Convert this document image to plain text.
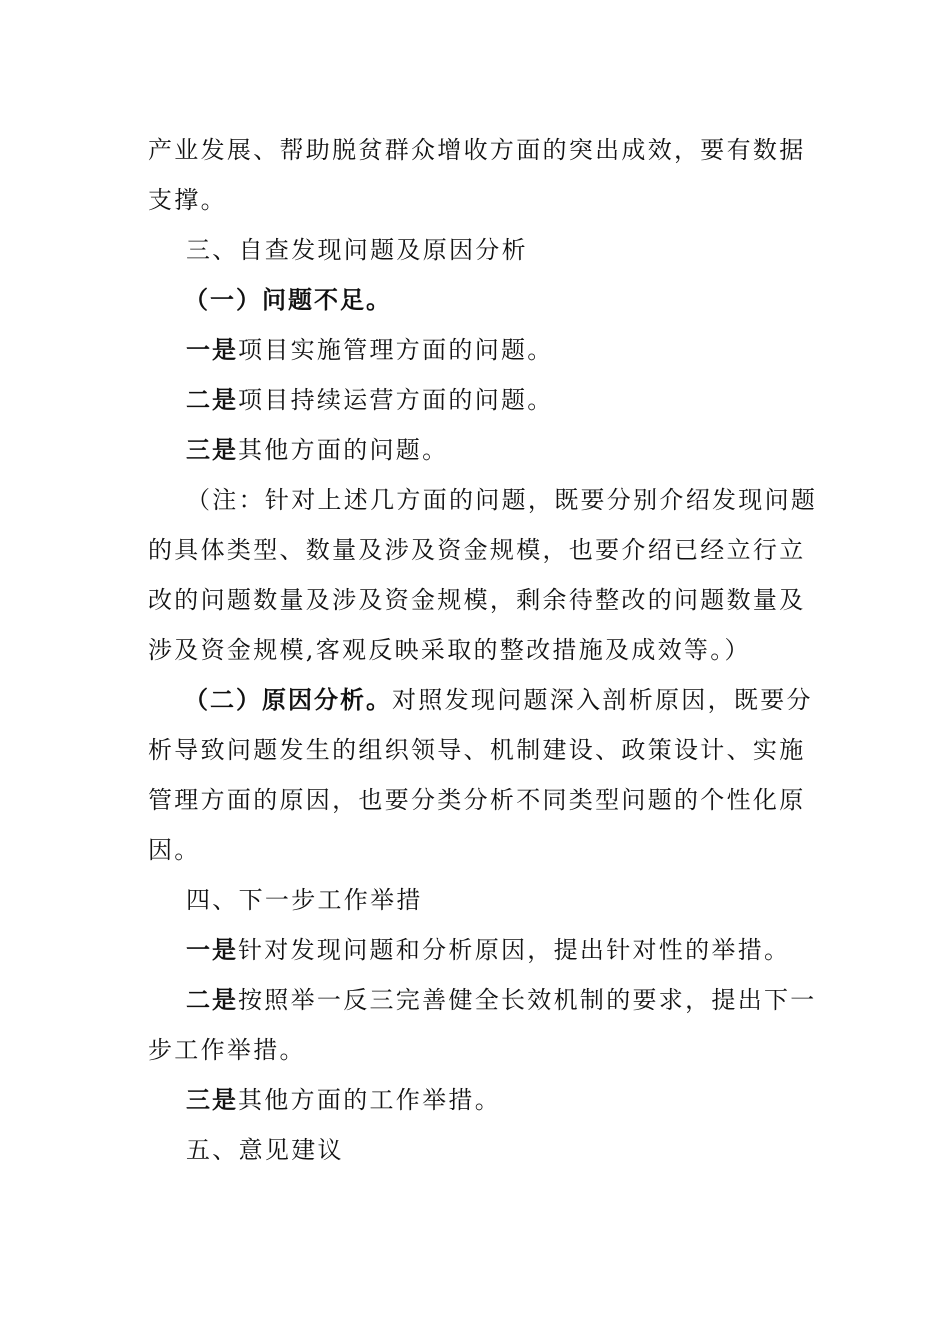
产业发展、帮助脱贫群众增收方面的突出成效，要有数据
支撑。
三、自查发现问题及原因分析
（一）问题不足。
一是项目实施管理方面的问题。
二是项目持续运营方面的问题。
三是其他方面的问题。
（注：针对上述几方面的问题，既要分别介绍发现问题
的具体类型、数量及涉及资金规模，也要介绍已经立行立
改的问题数量及涉及资金规模，剩余待整改的问题数量及
涉及资金规模,客观反映采取的整改措施及成效等。）
（二）原因分析。对照发现问题深入剖析原因，既要分
析导致问题发生的组织领导、机制建设、政策设计、实施
管理方面的原因，也要分类分析不同类型问题的个性化原
因。
四、下一步工作举措
一是针对发现问题和分析原因，提出针对性的举措。
二是按照举一反三完善健全长效机制的要求，提出下一
步工作举措。
三是其他方面的工作举措。
五、意见建议
